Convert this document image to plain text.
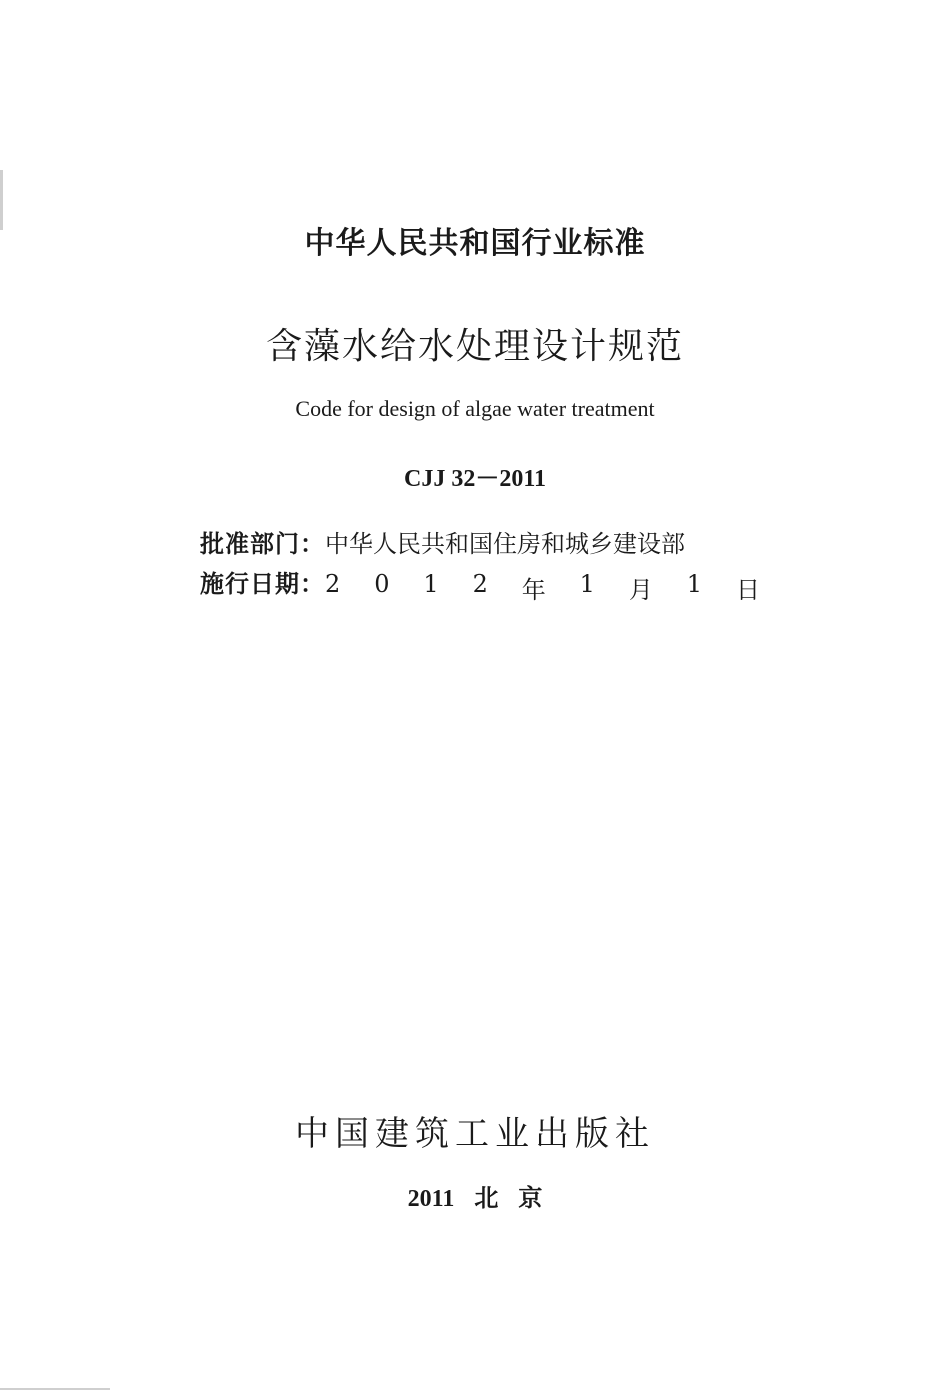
中华人民共和国行业标准
含藻水给水处理设计规范
Code for design of algae water treatment
CJJ 32－2011
批准部门： 中华人民共和国住房和城乡建设部
施行日期： 2 0 1 2 年 1 月 1 日
中国建筑工业出版社
2011 北 京
